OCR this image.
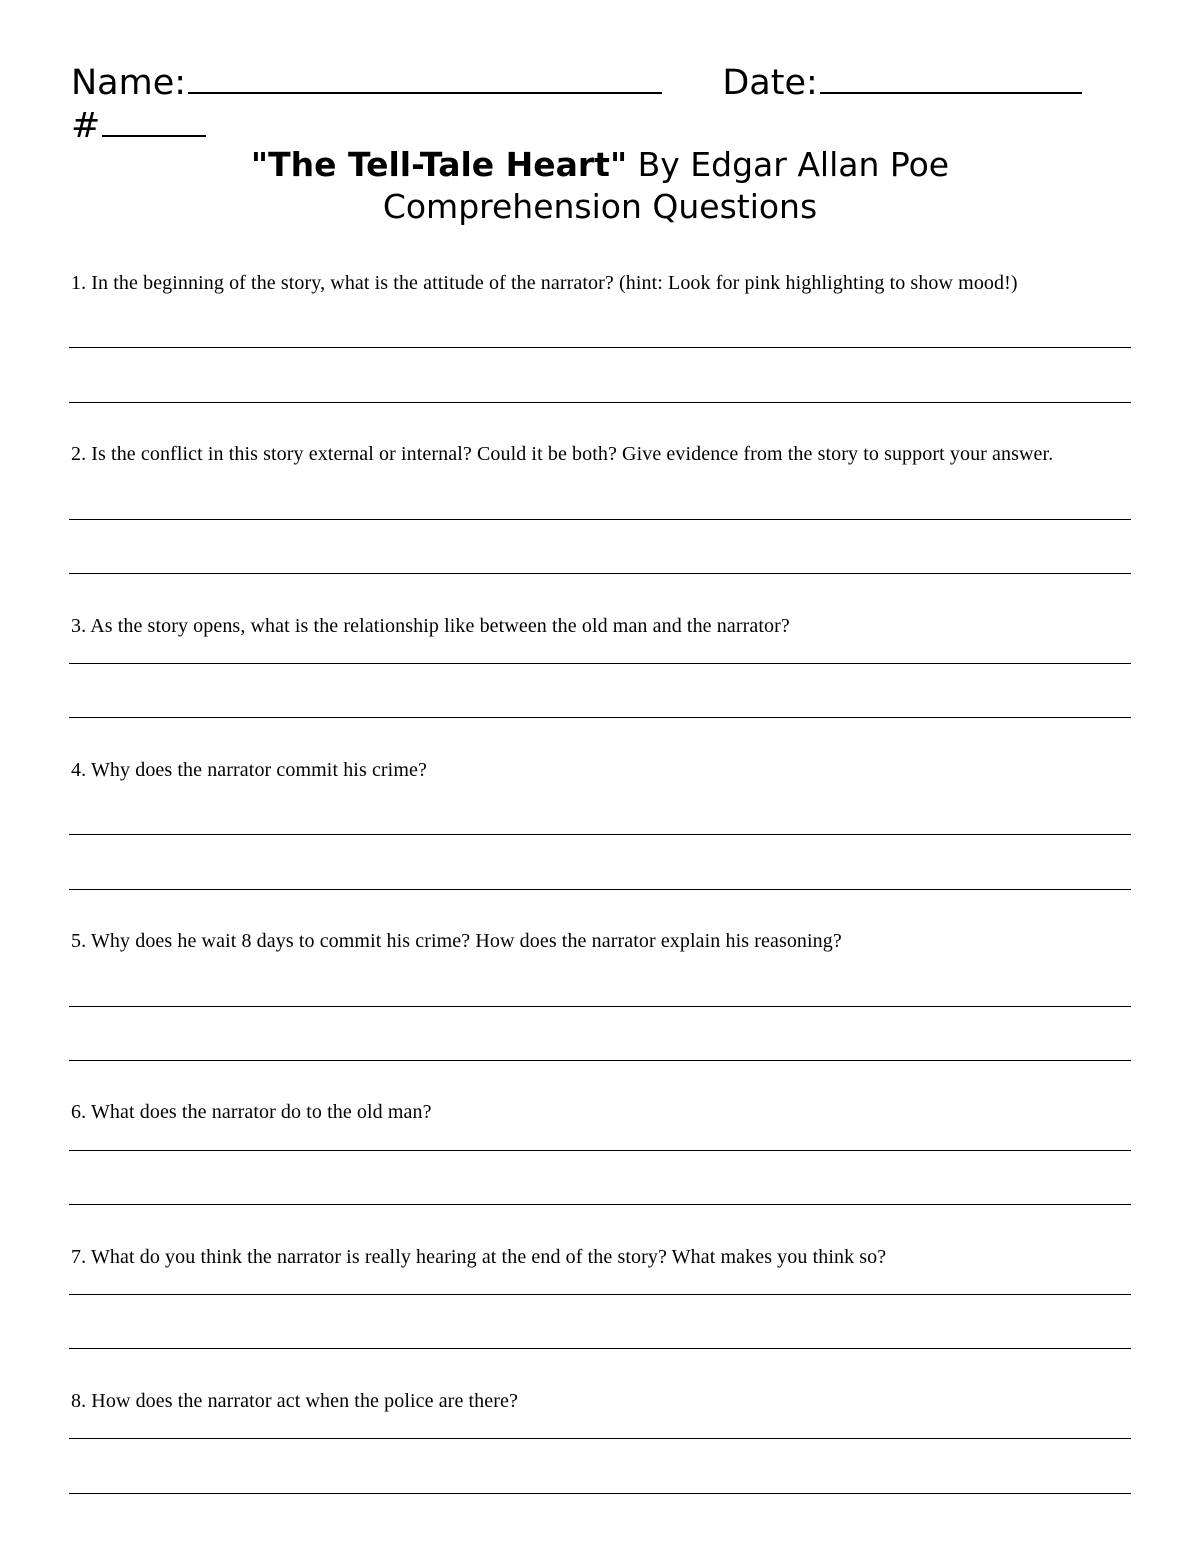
Name:	Date:
#
"The Tell-Tale Heart" By Edgar Allan Poe
Comprehension Questions
1. In the beginning of the story, what is the attitude of the narrator? (hint: Look for pink highlighting to show mood!)
2. Is the conflict in this story external or internal? Could it be both? Give evidence from the story to support your answer.
3. As the story opens, what is the relationship like between the old man and the narrator?
4. Why does the narrator commit his crime?
5. Why does he wait 8 days to commit his crime? How does the narrator explain his reasoning?
6. What does the narrator do to the old man?
7. What do you think the narrator is really hearing at the end of the story? What makes you think so?
8. How does the narrator act when the police are there?
